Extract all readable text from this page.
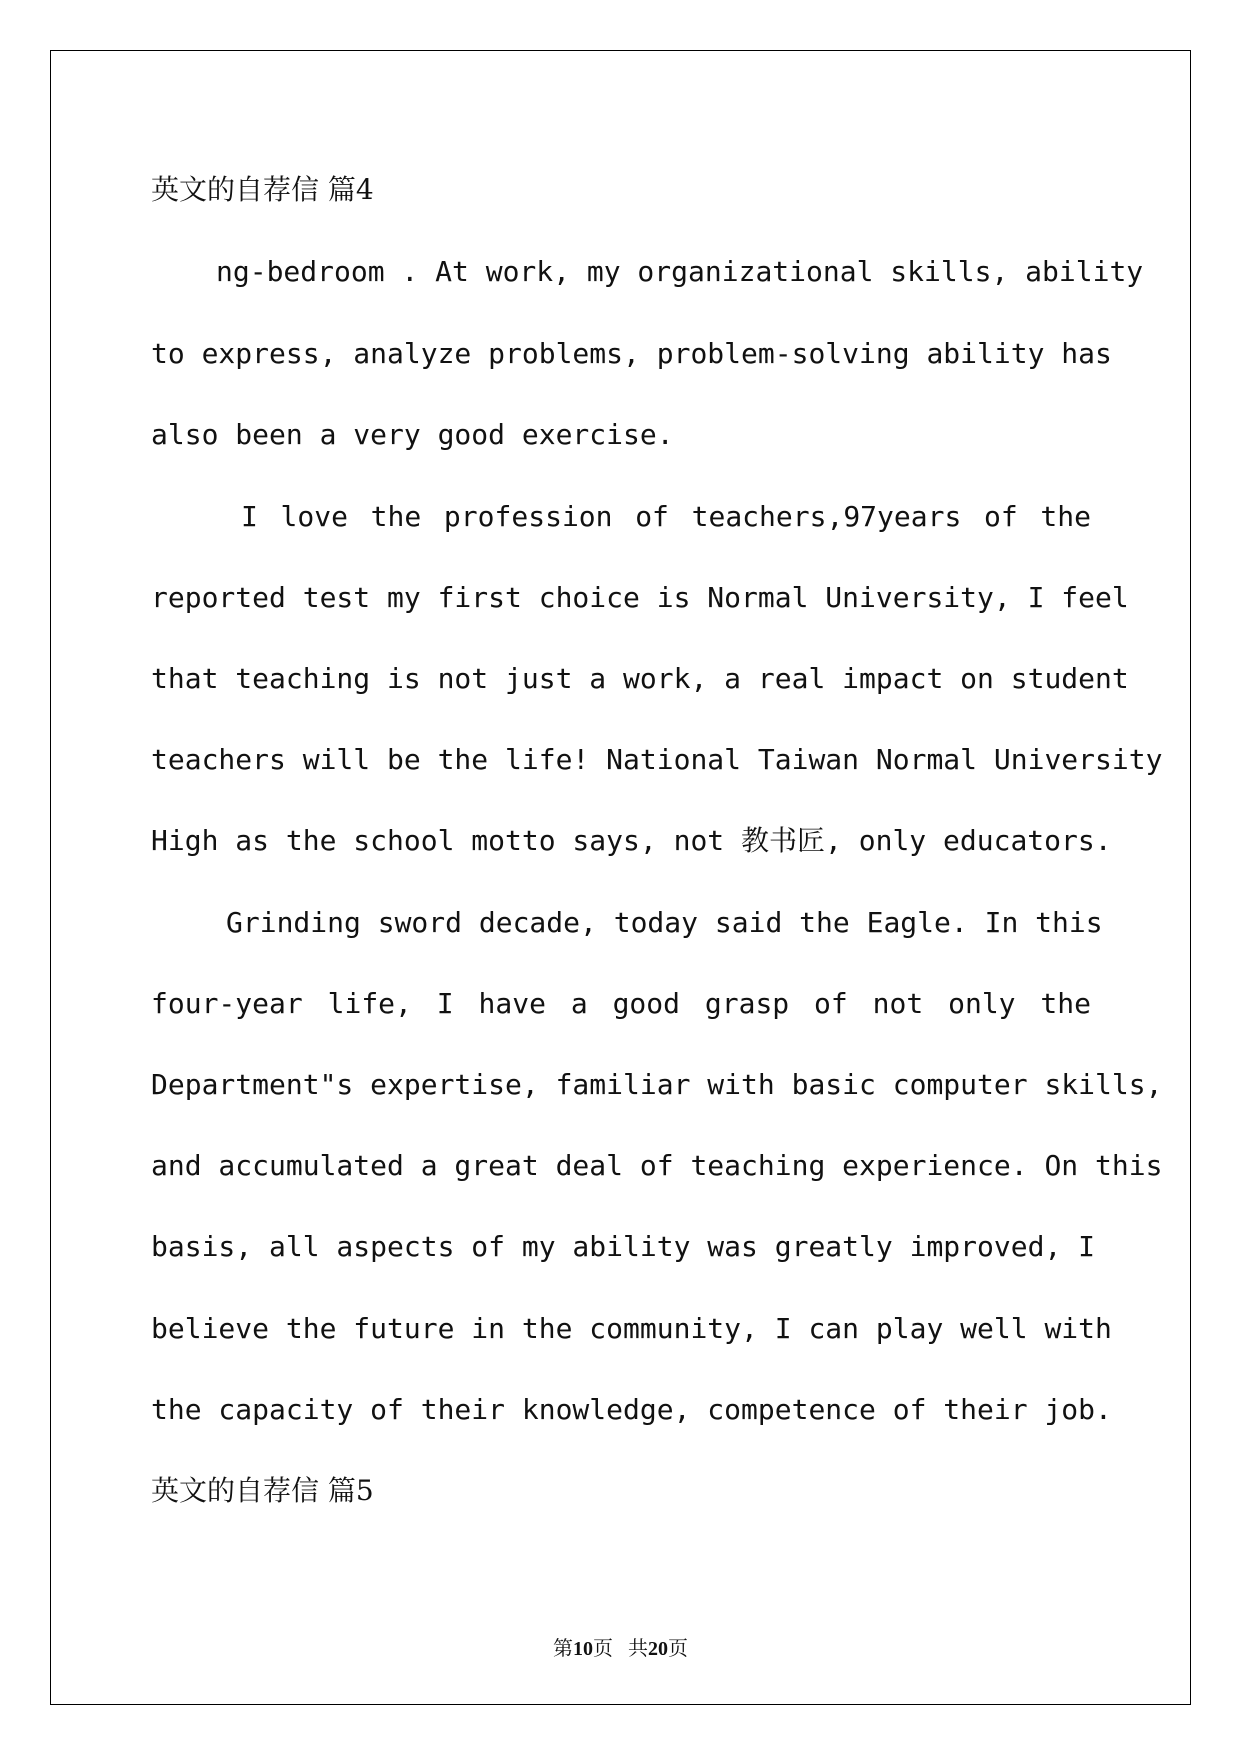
英文的自荐信 篇4
ng-bedroom . At work, my organizational skills, ability
to express, analyze problems, problem-solving ability has
also been a very good exercise.
I love the profession of teachers,97years of the
reported test my first choice is Normal University, I feel
that teaching is not just a work, a real impact on student
teachers will be the life! National Taiwan Normal University
High as the school motto says, not 教书匠, only educators.
Grinding sword decade, today said the Eagle. In this
four-year life, I have a good grasp of not only the
Department"s expertise, familiar with basic computer skills,
and accumulated a great deal of teaching experience. On this
basis, all aspects of my ability was greatly improved, I
believe the future in the community, I can play well with
the capacity of their knowledge, competence of their job.
英文的自荐信 篇5
第10页 共20页
